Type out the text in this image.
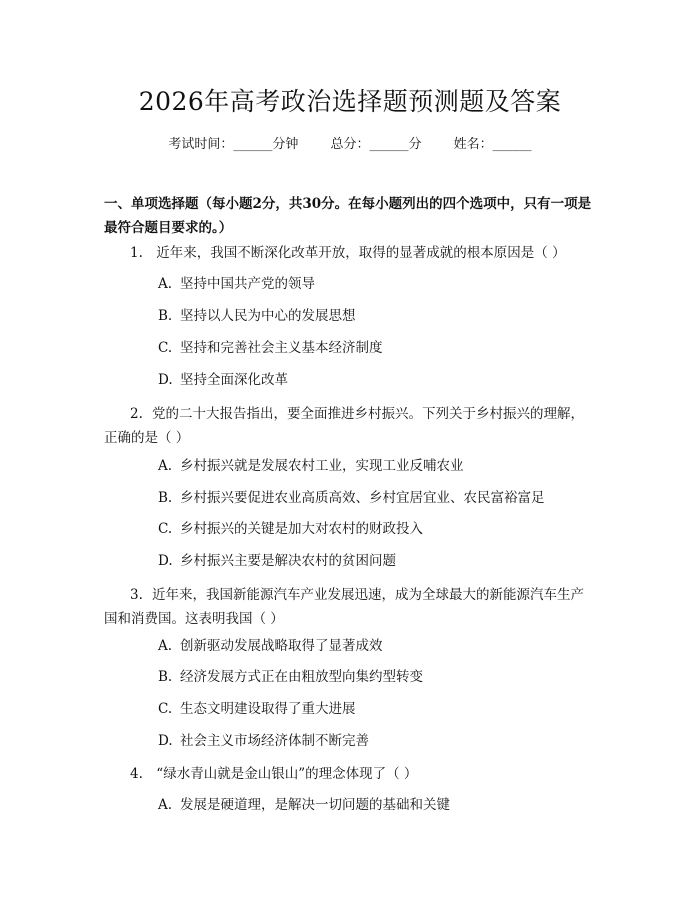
2026年高考政治选择题预测题及答案
考试时间：______分钟 总分：______分 姓名：______
一、单项选择题（每小题2分，共30分。在每小题列出的四个选项中，只有一项是最符合题目要求的。）
1. 近年来，我国不断深化改革开放，取得的显著成就的根本原因是（ ）
A. 坚持中国共产党的领导
B. 坚持以人民为中心的发展思想
C. 坚持和完善社会主义基本经济制度
D. 坚持全面深化改革
2. 党的二十大报告指出，要全面推进乡村振兴。下列关于乡村振兴的理解，
正确的是（ ）
A. 乡村振兴就是发展农村工业，实现工业反哺农业
B. 乡村振兴要促进农业高质高效、乡村宜居宜业、农民富裕富足
C. 乡村振兴的关键是加大对农村的财政投入
D. 乡村振兴主要是解决农村的贫困问题
3. 近年来，我国新能源汽车产业发展迅速，成为全球最大的新能源汽车生产
国和消费国。这表明我国（ ）
A. 创新驱动发展战略取得了显著成效
B. 经济发展方式正在由粗放型向集约型转变
C. 生态文明建设取得了重大进展
D. 社会主义市场经济体制不断完善
4. “绿水青山就是金山银山”的理念体现了（ ）
A. 发展是硬道理，是解决一切问题的基础和关键
